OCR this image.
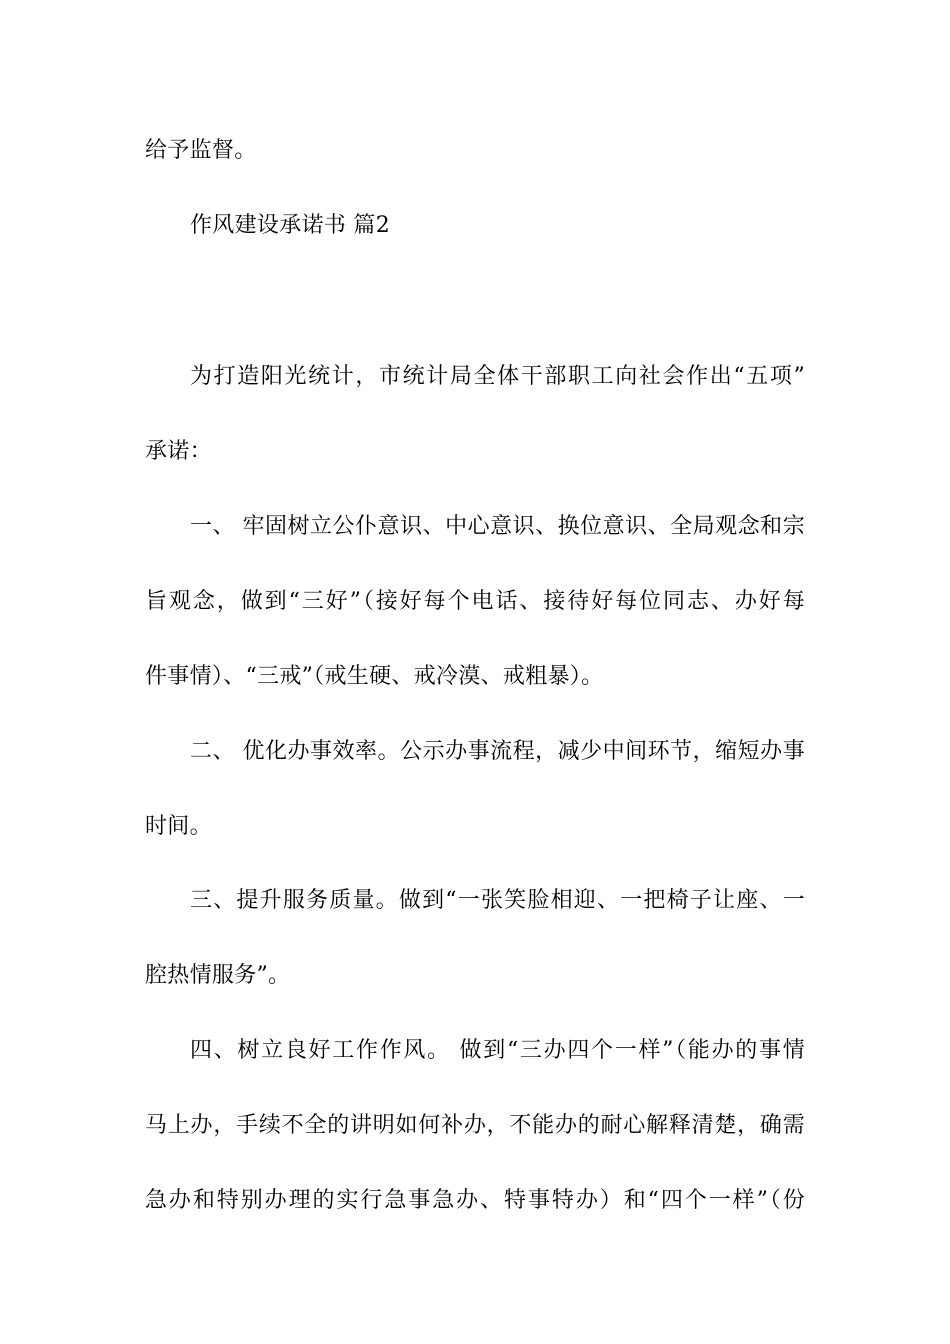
给予监督。
作风建设承诺书 篇2
为打造阳光统计，市统计局全体干部职工向社会作出“五项”
承诺：
一、 牢固树立公仆意识、中心意识、换位意识、全局观念和宗
旨观念，做到“三好”（接好每个电话、接待好每位同志、办好每
件事情）、“三戒”（戒生硬、戒冷漠、戒粗暴）。
二、 优化办事效率。公示办事流程，减少中间环节，缩短办事
时间。
三、提升服务质量。做到“一张笑脸相迎、一把椅子让座、一
腔热情服务”。
四、树立良好工作作风。 做到“三办四个一样”（能办的事情
马上办，手续不全的讲明如何补办，不能办的耐心解释清楚，确需
急办和特别办理的实行急事急办、特事特办）和“四个一样”（份
